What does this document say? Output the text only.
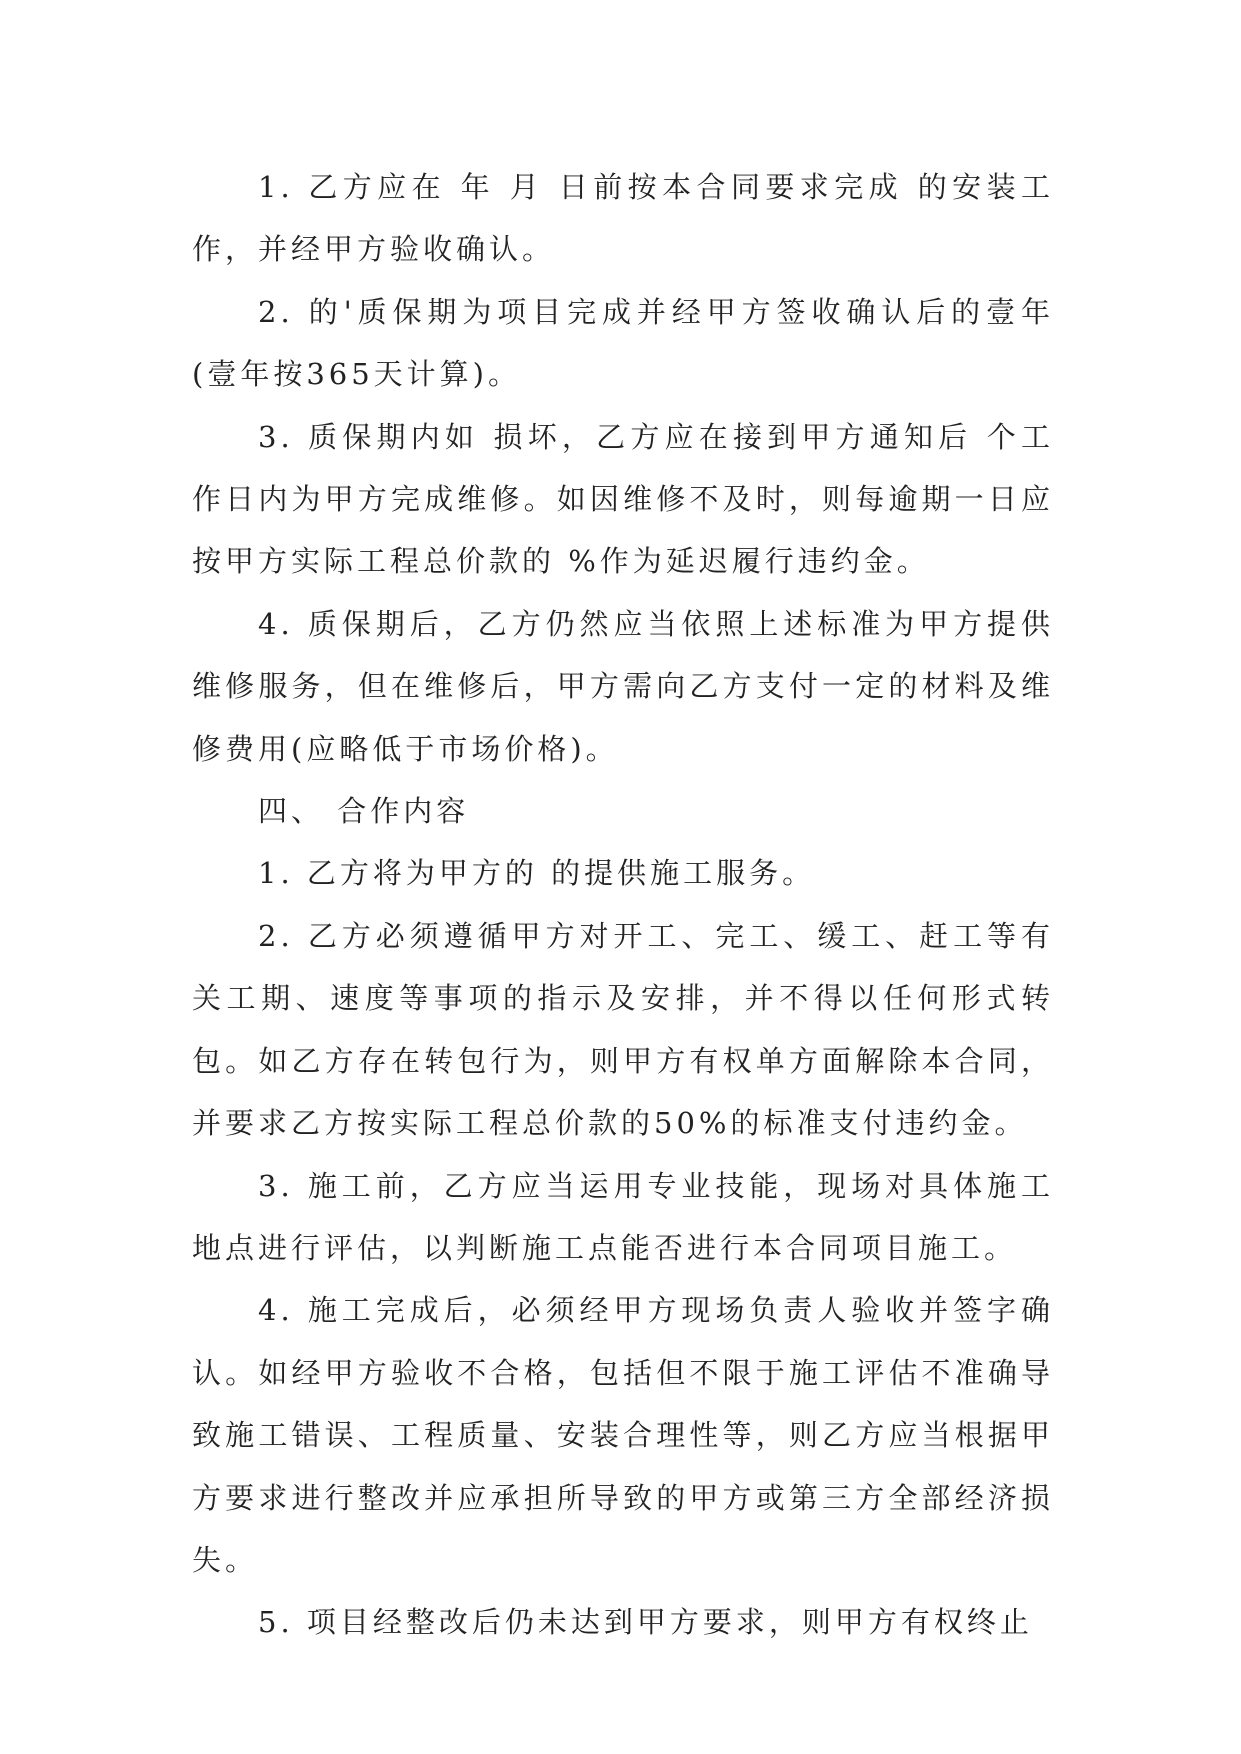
1. 乙方应在 年 月 日前按本合同要求完成 的安装工作，并经甲方验收确认。

2. 的'质保期为项目完成并经甲方签收确认后的壹年(壹年按365天计算)。

3. 质保期内如 损坏，乙方应在接到甲方通知后 个工作日内为甲方完成维修。如因维修不及时，则每逾期一日应按甲方实际工程总价款的 %作为延迟履行违约金。

4. 质保期后，乙方仍然应当依照上述标准为甲方提供维修服务，但在维修后，甲方需向乙方支付一定的材料及维修费用(应略低于市场价格)。

四、 合作内容

1. 乙方将为甲方的 的提供施工服务。

2. 乙方必须遵循甲方对开工、完工、缓工、赶工等有关工期、速度等事项的指示及安排，并不得以任何形式转包。如乙方存在转包行为，则甲方有权单方面解除本合同，并要求乙方按实际工程总价款的50%的标准支付违约金。

3. 施工前，乙方应当运用专业技能，现场对具体施工地点进行评估，以判断施工点能否进行本合同项目施工。

4. 施工完成后，必须经甲方现场负责人验收并签字确认。如经甲方验收不合格，包括但不限于施工评估不准确导致施工错误、工程质量、安装合理性等，则乙方应当根据甲方要求进行整改并应承担所导致的甲方或第三方全部经济损失。

5. 项目经整改后仍未达到甲方要求，则甲方有权终止
